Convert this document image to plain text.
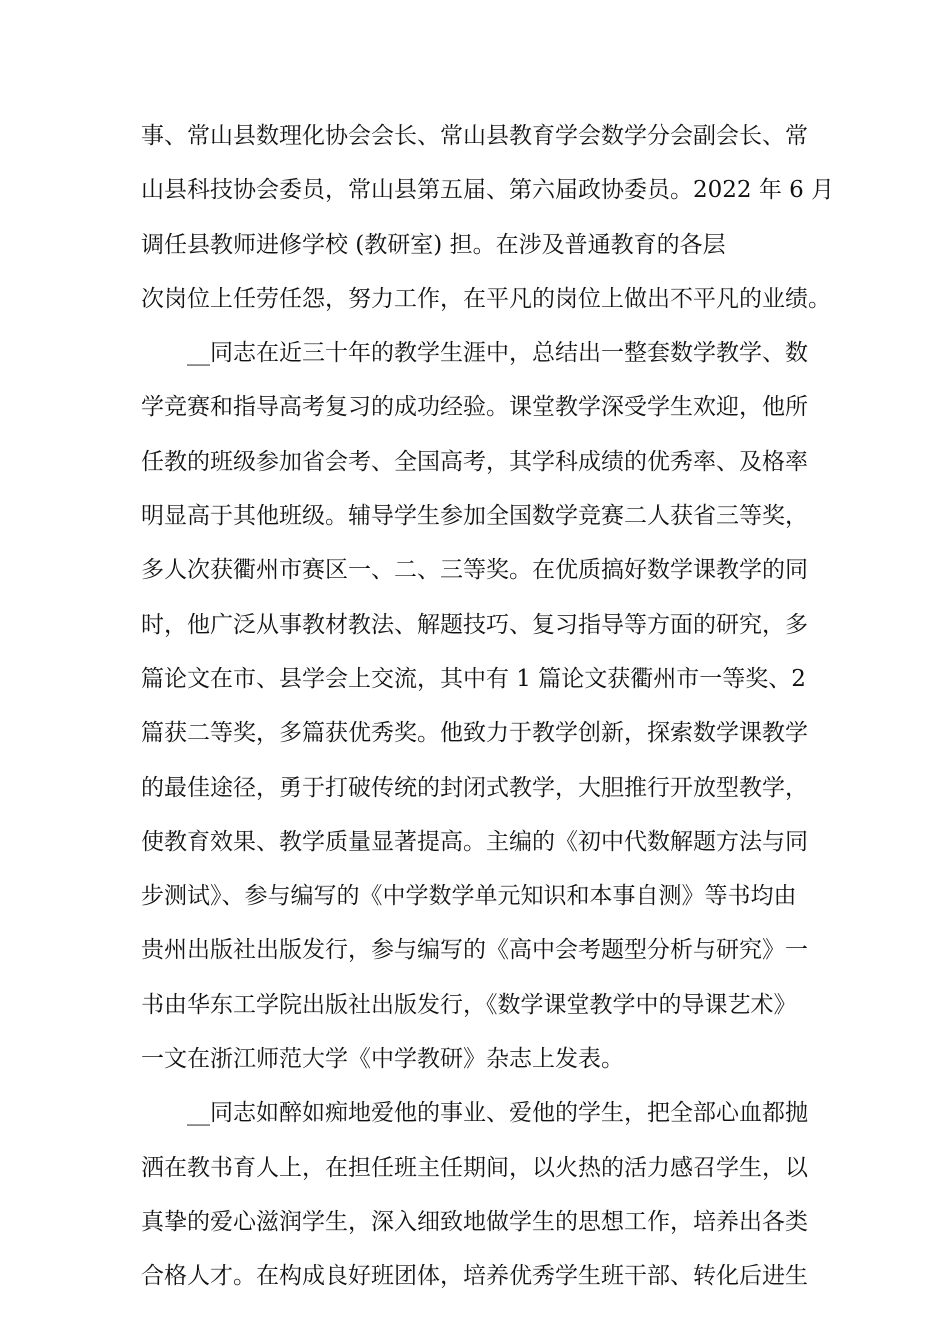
事、常山县数理化协会会长、常山县教育学会数学分会副会长、常
山县科技协会委员，常山县第五届、第六届政协委员。2022 年 6 月
调任县教师进修学校 (教研室) 担。在涉及普通教育的各层
次岗位上任劳任怨，努力工作，在平凡的岗位上做出不平凡的业绩。
__同志在近三十年的教学生涯中，总结出一整套数学教学、数
学竞赛和指导高考复习的成功经验。课堂教学深受学生欢迎，他所
任教的班级参加省会考、全国高考，其学科成绩的优秀率、及格率
明显高于其他班级。辅导学生参加全国数学竞赛二人获省三等奖，
多人次获衢州市赛区一、二、三等奖。在优质搞好数学课教学的同
时，他广泛从事教材教法、解题技巧、复习指导等方面的研究，多
篇论文在市、县学会上交流，其中有 1 篇论文获衢州市一等奖、2
篇获二等奖，多篇获优秀奖。他致力于教学创新，探索数学课教学
的最佳途径，勇于打破传统的封闭式教学，大胆推行开放型教学，
使教育效果、教学质量显著提高。主编的《初中代数解题方法与同
步测试》、参与编写的《中学数学单元知识和本事自测》等书均由
贵州出版社出版发行，参与编写的《高中会考题型分析与研究》一
书由华东工学院出版社出版发行，《数学课堂教学中的导课艺术》
一文在浙江师范大学《中学教研》杂志上发表。
__同志如醉如痴地爱他的事业、爱他的学生，把全部心血都抛
洒在教书育人上，在担任班主任期间，以火热的活力感召学生，以
真挚的爱心滋润学生，深入细致地做学生的思想工作，培养出各类
合格人才。在构成良好班团体，培养优秀学生班干部、转化后进生
